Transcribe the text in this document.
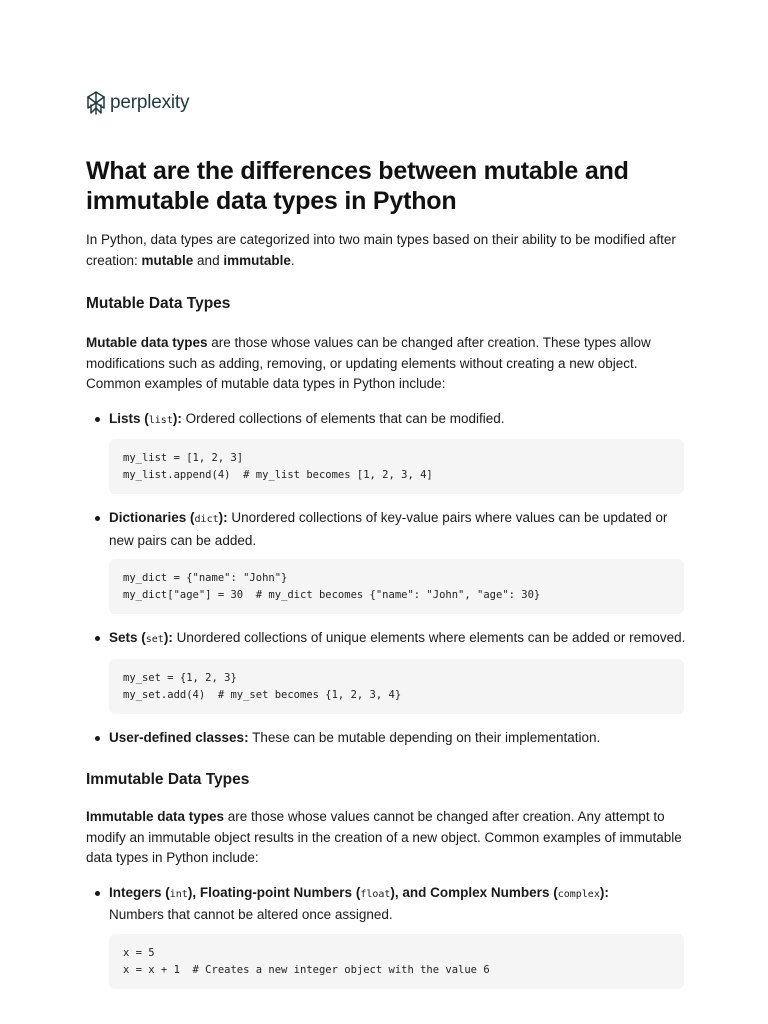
perplexity
What are the differences between mutable and immutable data types in Python

In Python, data types are categorized into two main types based on their ability to be modified after creation: mutable and immutable.

Mutable Data Types

Mutable data types are those whose values can be changed after creation. These types allow modifications such as adding, removing, or updating elements without creating a new object. Common examples of mutable data types in Python include:

Lists (list): Ordered collections of elements that can be modified.
my_list = [1, 2, 3]
my_list.append(4)  # my_list becomes [1, 2, 3, 4]
Dictionaries (dict): Unordered collections of key-value pairs where values can be updated or new pairs can be added.
my_dict = {"name": "John"}
my_dict["age"] = 30  # my_dict becomes {"name": "John", "age": 30}
Sets (set): Unordered collections of unique elements where elements can be added or removed.
my_set = {1, 2, 3}
my_set.add(4)  # my_set becomes {1, 2, 3, 4}
User-defined classes: These can be mutable depending on their implementation.
Immutable Data Types

Immutable data types are those whose values cannot be changed after creation. Any attempt to modify an immutable object results in the creation of a new object. Common examples of immutable data types in Python include:

Integers (int), Floating-point Numbers (float), and Complex Numbers (complex):
Numbers that cannot be altered once assigned.
x = 5
x = x + 1  # Creates a new integer object with the value 6
